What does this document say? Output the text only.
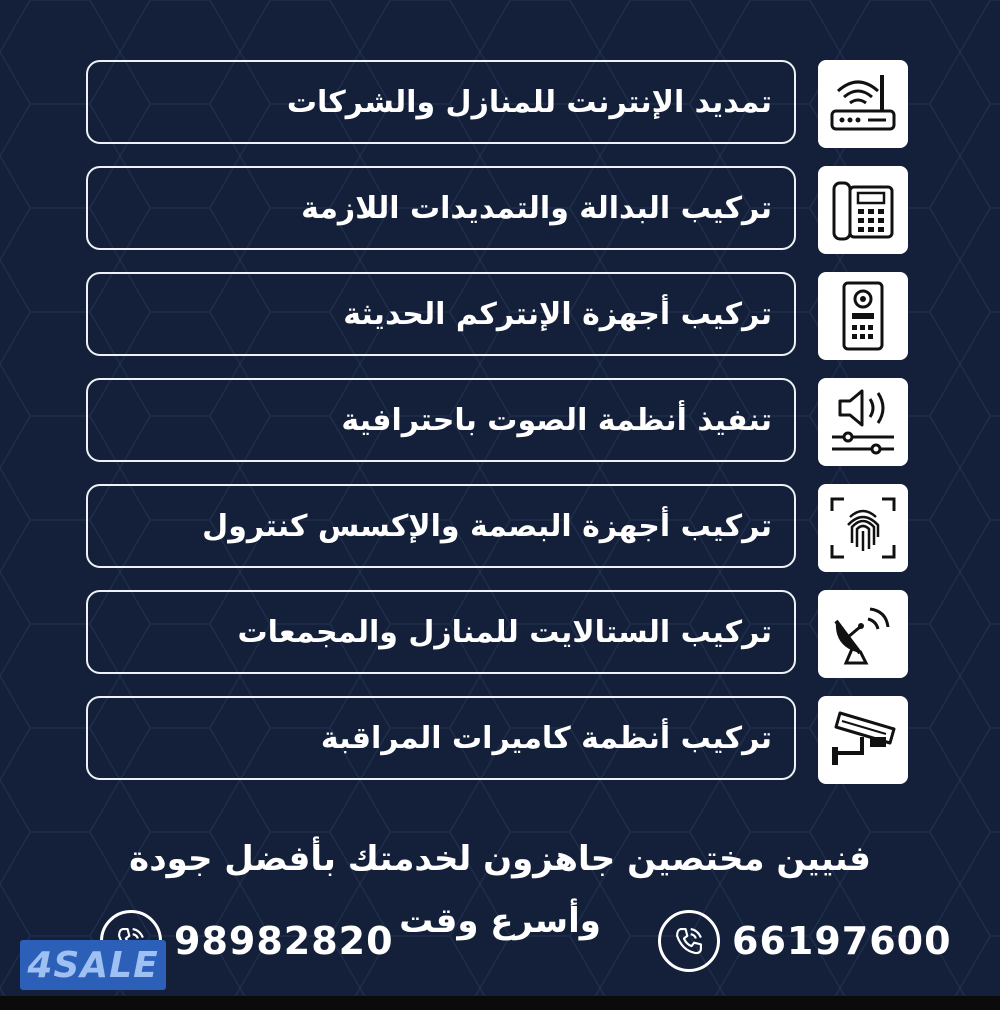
تمديد الإنترنت للمنازل والشركات
تركيب البدالة والتمديدات اللازمة
تركيب أجهزة الإنتركم الحديثة
تنفيذ أنظمة الصوت باحترافية
تركيب أجهزة البصمة والإكسس كنترول
تركيب الستالايت للمنازل والمجمعات
تركيب أنظمة كاميرات المراقبة
فنيين مختصين جاهزون لخدمتك بأفضل جودة
وأسرع وقت
98982820	66197600
4SALE
